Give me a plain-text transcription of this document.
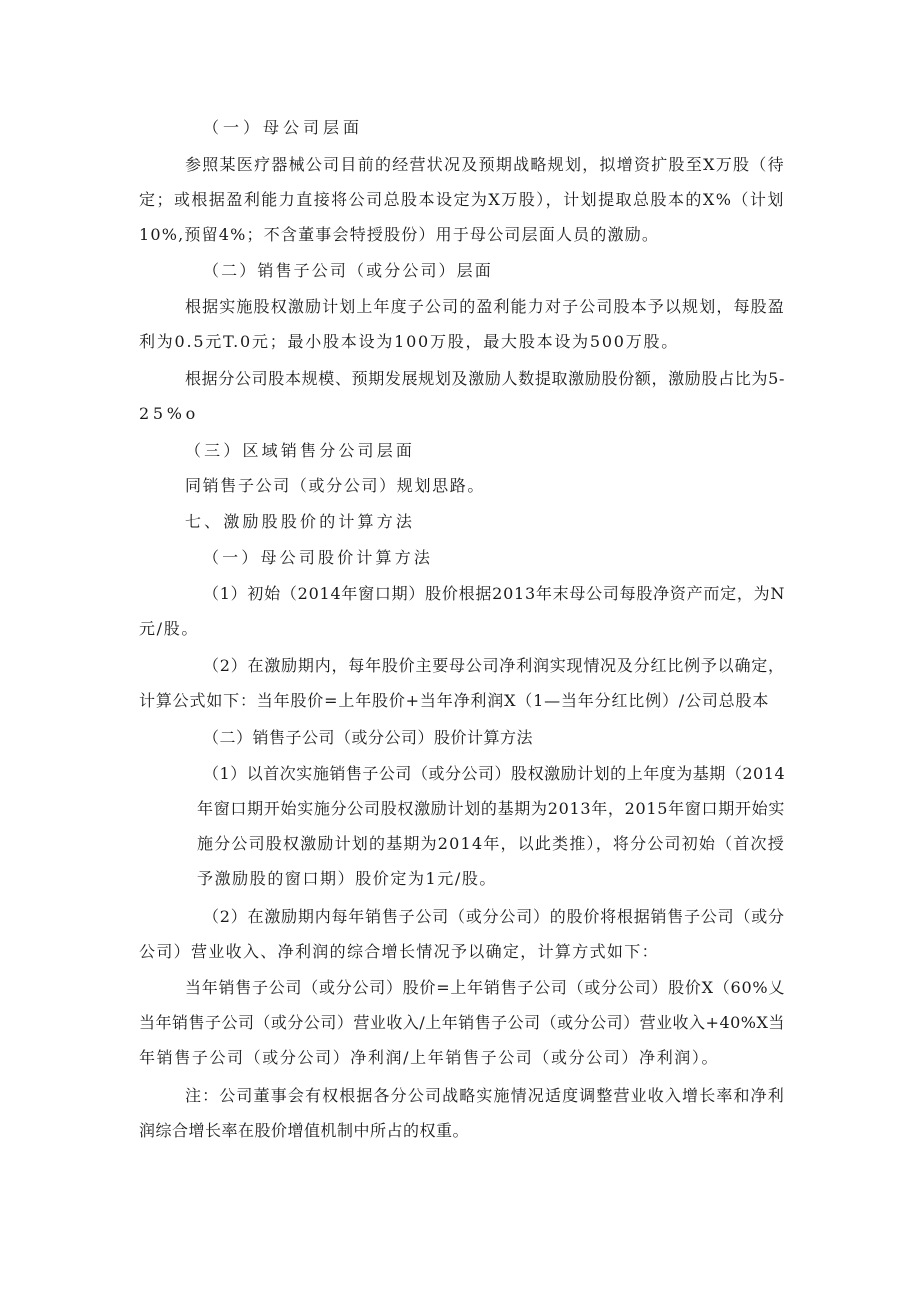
（一）母公司层面

参照某医疗器械公司目前的经营状况及预期战略规划，拟增资扩股至X万股（待

定；或根据盈利能力直接将公司总股本设定为X万股），计划提取总股本的X%（计划

10%,预留4%；不含董事会特授股份）用于母公司层面人员的激励。

（二）销售子公司（或分公司）层面

根据实施股权激励计划上年度子公司的盈利能力对子公司股本予以规划，每股盈

利为0.5元T.0元；最小股本设为100万股，最大股本设为500万股。

根据分公司股本规模、预期发展规划及激励人数提取激励股份额，激励股占比为5-

25%o

（三）区域销售分公司层面

同销售子公司（或分公司）规划思路。

七、激励股股价的计算方法

（一）母公司股价计算方法

（1）初始（2014年窗口期）股价根据2013年末母公司每股净资产而定，为N

元/股。

（2）在激励期内，每年股价主要母公司净利润实现情况及分红比例予以确定，

计算公式如下：当年股价=上年股价+当年净利润X（1—当年分红比例）/公司总股本

（二）销售子公司（或分公司）股价计算方法

（1）以首次实施销售子公司（或分公司）股权激励计划的上年度为基期（2014

年窗口期开始实施分公司股权激励计划的基期为2013年，2015年窗口期开始实

施分公司股权激励计划的基期为2014年，以此类推），将分公司初始（首次授

予激励股的窗口期）股价定为1元/股。

（2）在激励期内每年销售子公司（或分公司）的股价将根据销售子公司（或分

公司）营业收入、净利润的综合增长情况予以确定，计算方式如下：

当年销售子公司（或分公司）股价=上年销售子公司（或分公司）股价X（60%乂

当年销售子公司（或分公司）营业收入/上年销售子公司（或分公司）营业收入+40%X当

年销售子公司（或分公司）净利润/上年销售子公司（或分公司）净利润）。

注：公司董事会有权根据各分公司战略实施情况适度调整营业收入增长率和净利

润综合增长率在股价增值机制中所占的权重。
